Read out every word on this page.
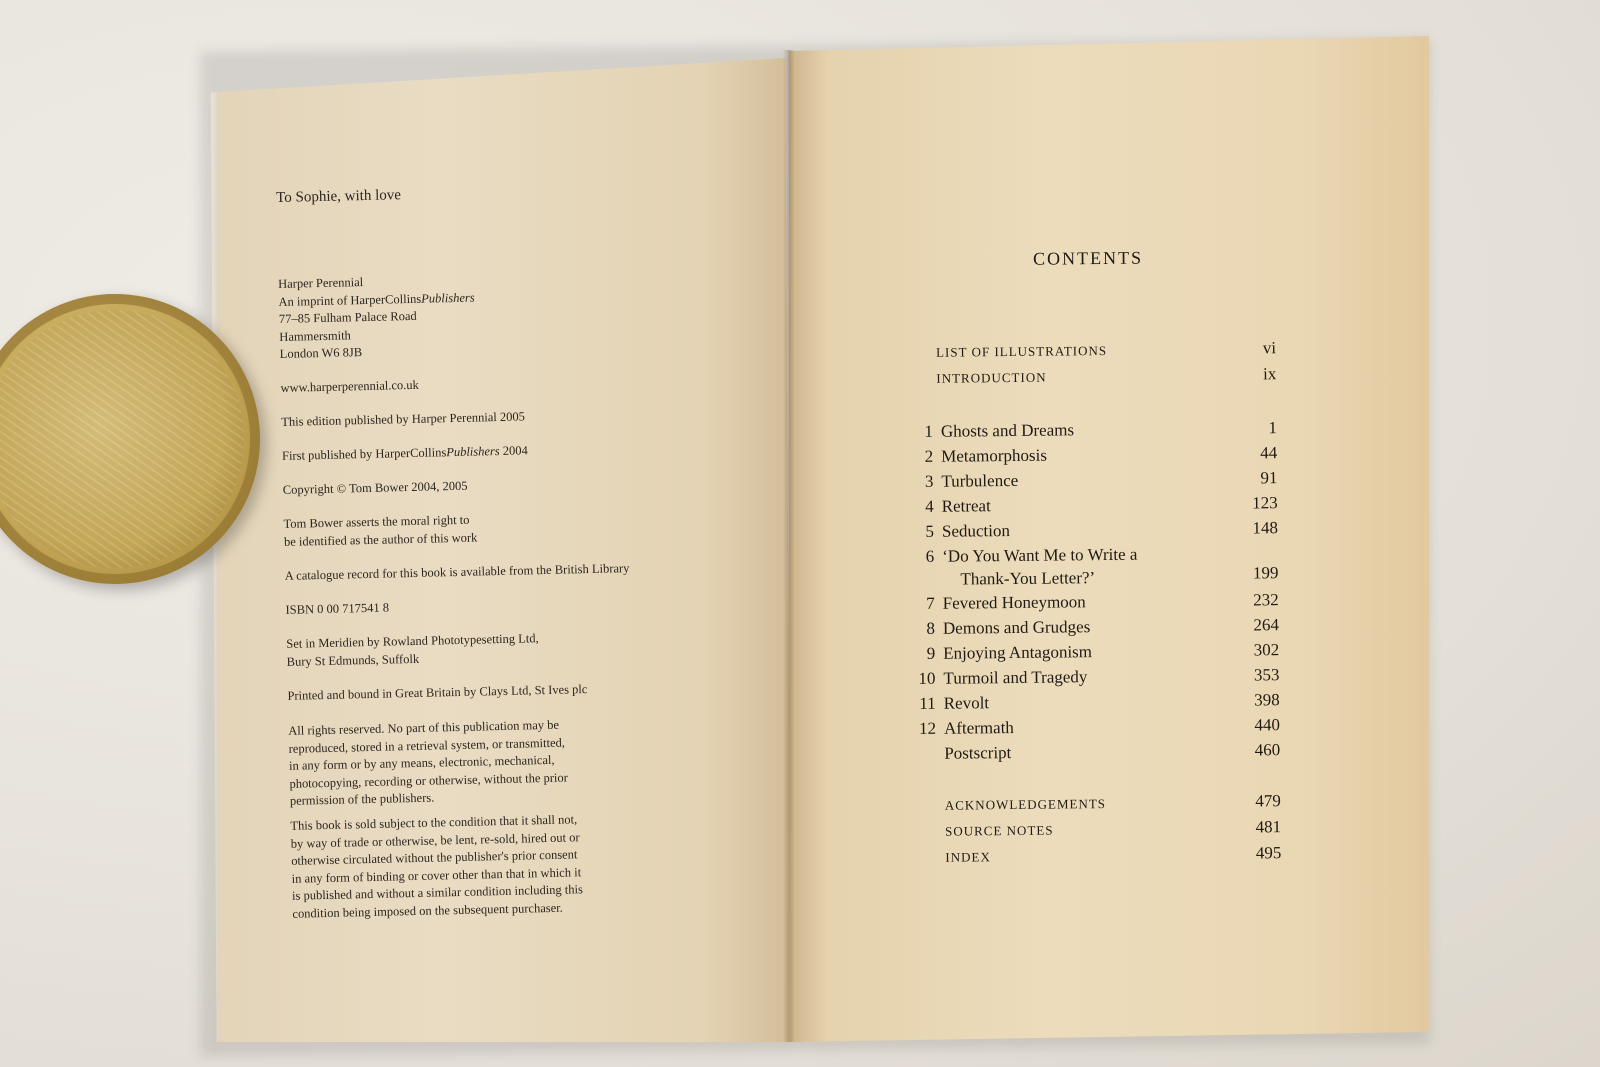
To Sophie, with love
Harper Perennial
An imprint of HarperCollinsPublishers
77–85 Fulham Palace Road
Hammersmith
London W6 8JB
www.harperperennial.co.uk
This edition published by Harper Perennial 2005
First published by HarperCollinsPublishers 2004
Copyright © Tom Bower 2004, 2005
Tom Bower asserts the moral right to
be identified as the author of this work
A catalogue record for this book is available from the British Library
ISBN 0 00 717541 8
Set in Meridien by Rowland Phototypesetting Ltd,
Bury St Edmunds, Suffolk
Printed and bound in Great Britain by Clays Ltd, St Ives plc
All rights reserved. No part of this publication may be
reproduced, stored in a retrieval system, or transmitted,
in any form or by any means, electronic, mechanical,
photocopying, recording or otherwise, without the prior
permission of the publishers.
This book is sold subject to the condition that it shall not,
by way of trade or otherwise, be lent, re-sold, hired out or
otherwise circulated without the publisher's prior consent
in any form of binding or cover other than that in which it
is published and without a similar condition including this
condition being imposed on the subsequent purchaser.
CONTENTS
LIST OF ILLUSTRATIONS	vi
INTRODUCTION	ix
1 Ghosts and Dreams	1
2 Metamorphosis	44
3 Turbulence	91
4 Retreat	123
5 Seduction	148
6 ‘Do You Want Me to Write a
Thank-You Letter?’	199
7 Fevered Honeymoon	232
8 Demons and Grudges	264
9 Enjoying Antagonism	302
10 Turmoil and Tragedy	353
11 Revolt	398
12 Aftermath	440
Postscript	460
ACKNOWLEDGEMENTS	479
SOURCE NOTES	481
INDEX	495
